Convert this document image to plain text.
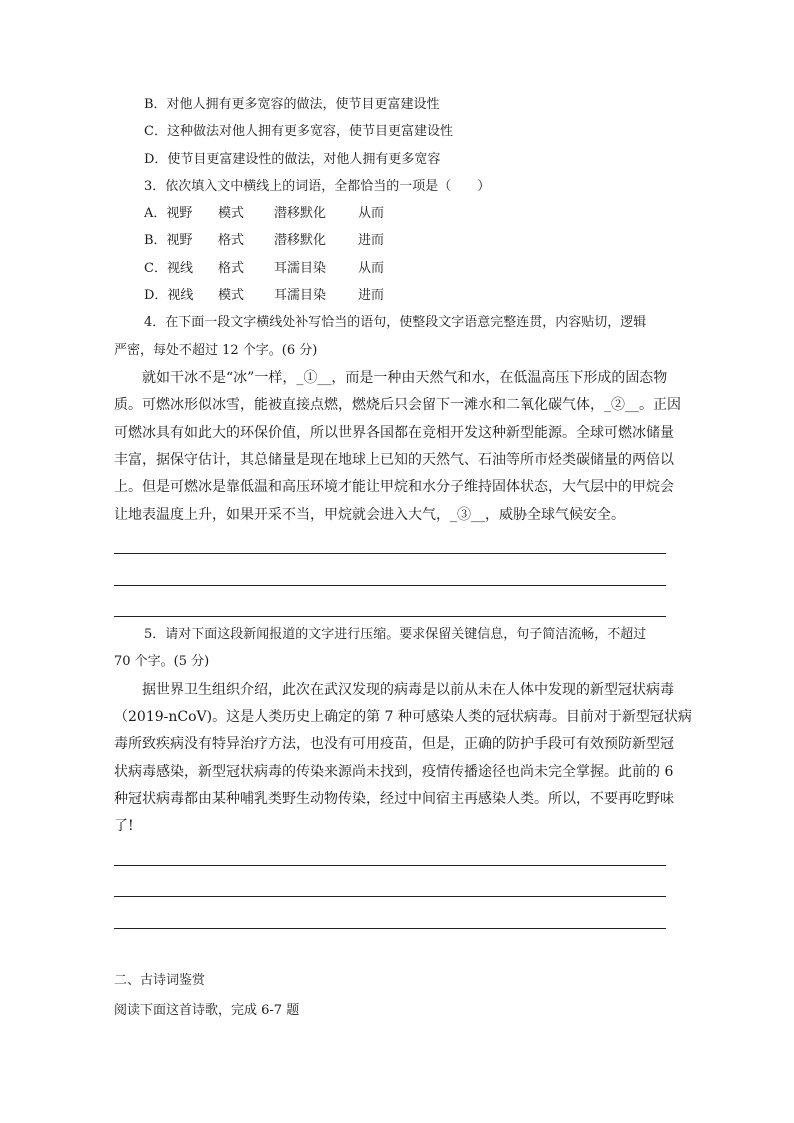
B．对他人拥有更多宽容的做法，使节目更富建设性
C．这种做法对他人拥有更多宽容，使节目更富建设性
D．使节目更富建设性的做法，对他人拥有更多宽容
3．依次填入文中横线上的词语，全都恰当的一项是（　　）
A．视野 模式 潜移默化 从而
B．视野 格式 潜移默化 进而
C．视线 格式 耳濡目染 从而
D．视线 模式 耳濡目染 进而
4．在下面一段文字横线处补写恰当的语句，使整段文字语意完整连贯，内容贴切，逻辑
严密，每处不超过 12 个字。(6 分)
就如干冰不是“冰”一样，_①__，而是一种由天然气和水，在低温高压下形成的固态物
质。可燃冰形似冰雪，能被直接点燃，燃烧后只会留下一滩水和二氧化碳气体，_②__。正因
可燃冰具有如此大的环保价值，所以世界各国都在竞相开发这种新型能源。全球可燃冰储量
丰富，据保守估计，其总储量是现在地球上已知的天然气、石油等所市烃类碳储量的两倍以
上。但是可燃冰是靠低温和高压环境才能让甲烷和水分子维持固体状态，大气层中的甲烷会
让地表温度上升，如果开采不当，甲烷就会进入大气，_③__，威胁全球气候安全。
5．请对下面这段新闻报道的文字进行压缩。要求保留关键信息，句子简洁流畅，不超过
70 个字。(5 分)
据世界卫生组织介绍，此次在武汉发现的病毒是以前从未在人体中发现的新型冠状病毒
（2019-nCoV)。这是人类历史上确定的第 7 种可感染人类的冠状病毒。目前对于新型冠状病
毒所致疾病没有特异治疗方法，也没有可用疫苗，但是，正确的防护手段可有效预防新型冠
状病毒感染，新型冠状病毒的传染来源尚未找到，疫情传播途径也尚未完全掌握。此前的 6
种冠状病毒都由某种哺乳类野生动物传染，经过中间宿主再感染人类。所以，不要再吃野味
了!
二、古诗词鉴赏
阅读下面这首诗歌，完成 6-7 题
